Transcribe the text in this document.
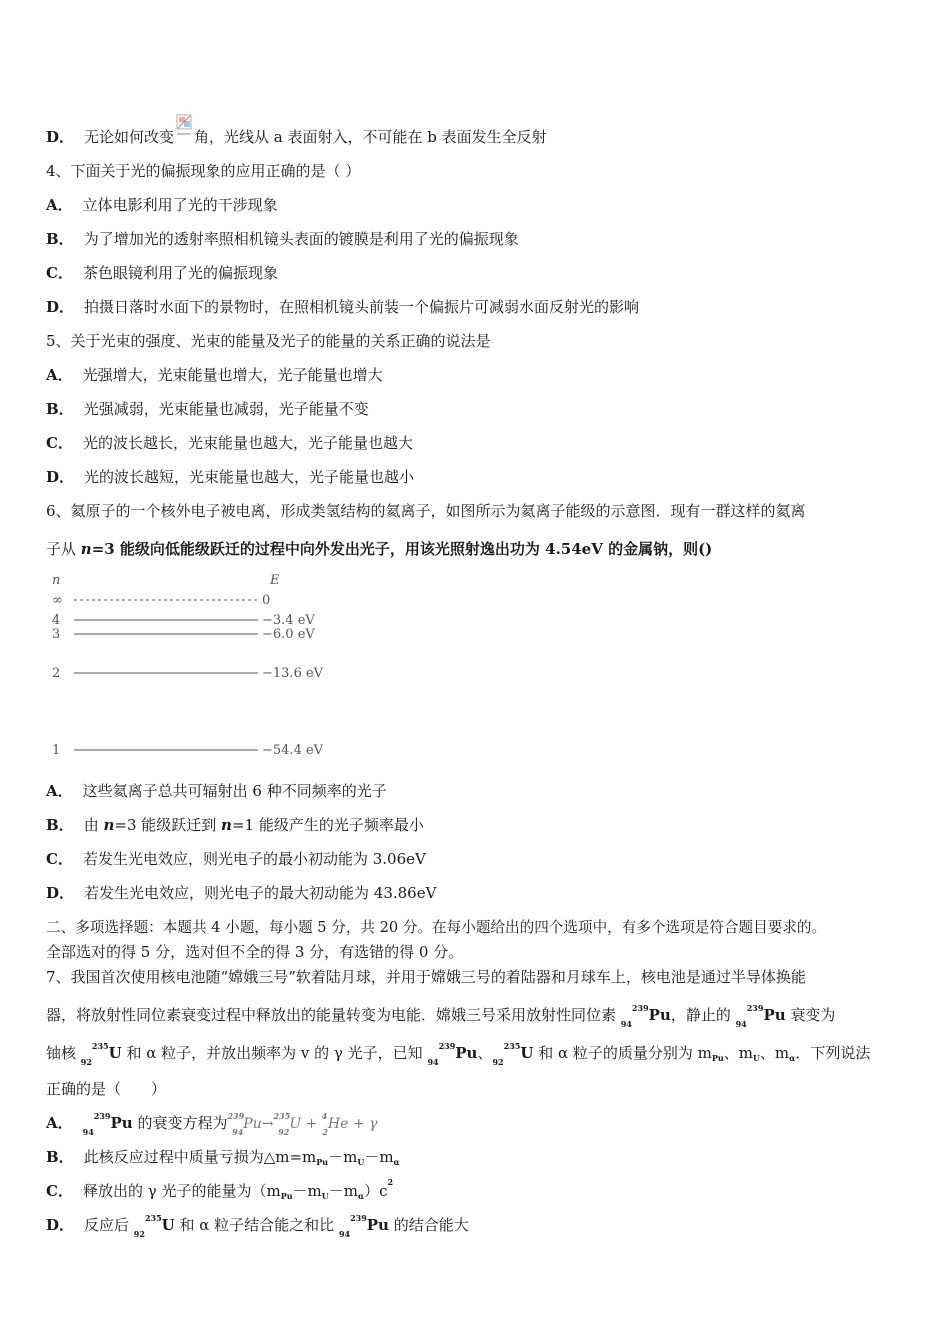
D． 无论如何改变 角，光线从 a 表面射入，不可能在 b 表面发生全反射
4、下面关于光的偏振现象的应用正确的是（ ）
A． 立体电影利用了光的干涉现象
B． 为了增加光的透射率照相机镜头表面的镀膜是利用了光的偏振现象
C． 茶色眼镜利用了光的偏振现象
D． 拍摄日落时水面下的景物时，在照相机镜头前装一个偏振片可减弱水面反射光的影响
5、关于光束的强度、光束的能量及光子的能量的关系正确的说法是
A． 光强增大，光束能量也增大，光子能量也增大
B． 光强减弱，光束能量也减弱，光子能量不变
C． 光的波长越长，光束能量也越大，光子能量也越大
D． 光的波长越短，光束能量也越大，光子能量也越小
6、氦原子的一个核外电子被电离，形成类氢结构的氦离子，如图所示为氦离子能级的示意图．现有一群这样的氦离
子从 n=3 能级向低能级跃迁的过程中向外发出光子，用该光照射逸出功为 4.54eV 的金属钠，则()
n	E
∞	0
4	−3.4 eV
3	−6.0 eV
2	−13.6 eV
1	−54.4 eV
A． 这些氦离子总共可辐射出 6 种不同频率的光子
B． 由 n=3 能级跃迁到 n=1 能级产生的光子频率最小
C． 若发生光电效应，则光电子的最小初动能为 3.06eV
D． 若发生光电效应，则光电子的最大初动能为 43.86eV
二、多项选择题：本题共 4 小题，每小题 5 分，共 20 分。在每小题给出的四个选项中，有多个选项是符合题目要求的。
全部选对的得 5 分，选对但不全的得 3 分，有选错的得 0 分。
7、我国首次使用核电池随“嫦娥三号”软着陆月球，并用于嫦娥三号的着陆器和月球车上，核电池是通过半导体换能
器，将放射性同位素衰变过程中释放出的能量转变为电能．嫦娥三号采用放射性同位素 $_{94}^{239}$Pu，静止的 $_{94}^{239}$Pu 衰变为
铀核 $_{92}^{235}$U 和 α 粒子，并放出频率为 v 的 γ 光子，已知 $_{94}^{239}$Pu、$_{92}^{235}$U 和 α 粒子的质量分别为 $m_{Pu}$、$m_U$、$m_\alpha$．下列说法
正确的是（　　）
A． $_{94}^{239}$Pu 的衰变方程为$^{239}_{94}$Pu→$^{235}_{92}$U + $^4_2$He + γ
B． 此核反应过程中质量亏损为$\triangle m=m_{Pu}-m_U-m_\alpha$
C． 释放出的 γ 光子的能量为$(m_{Pu}-m_U-m_\alpha)c^2$
D． 反应后 $_{92}^{235}$U 和 α 粒子结合能之和比 $_{94}^{239}$Pu 的结合能大
